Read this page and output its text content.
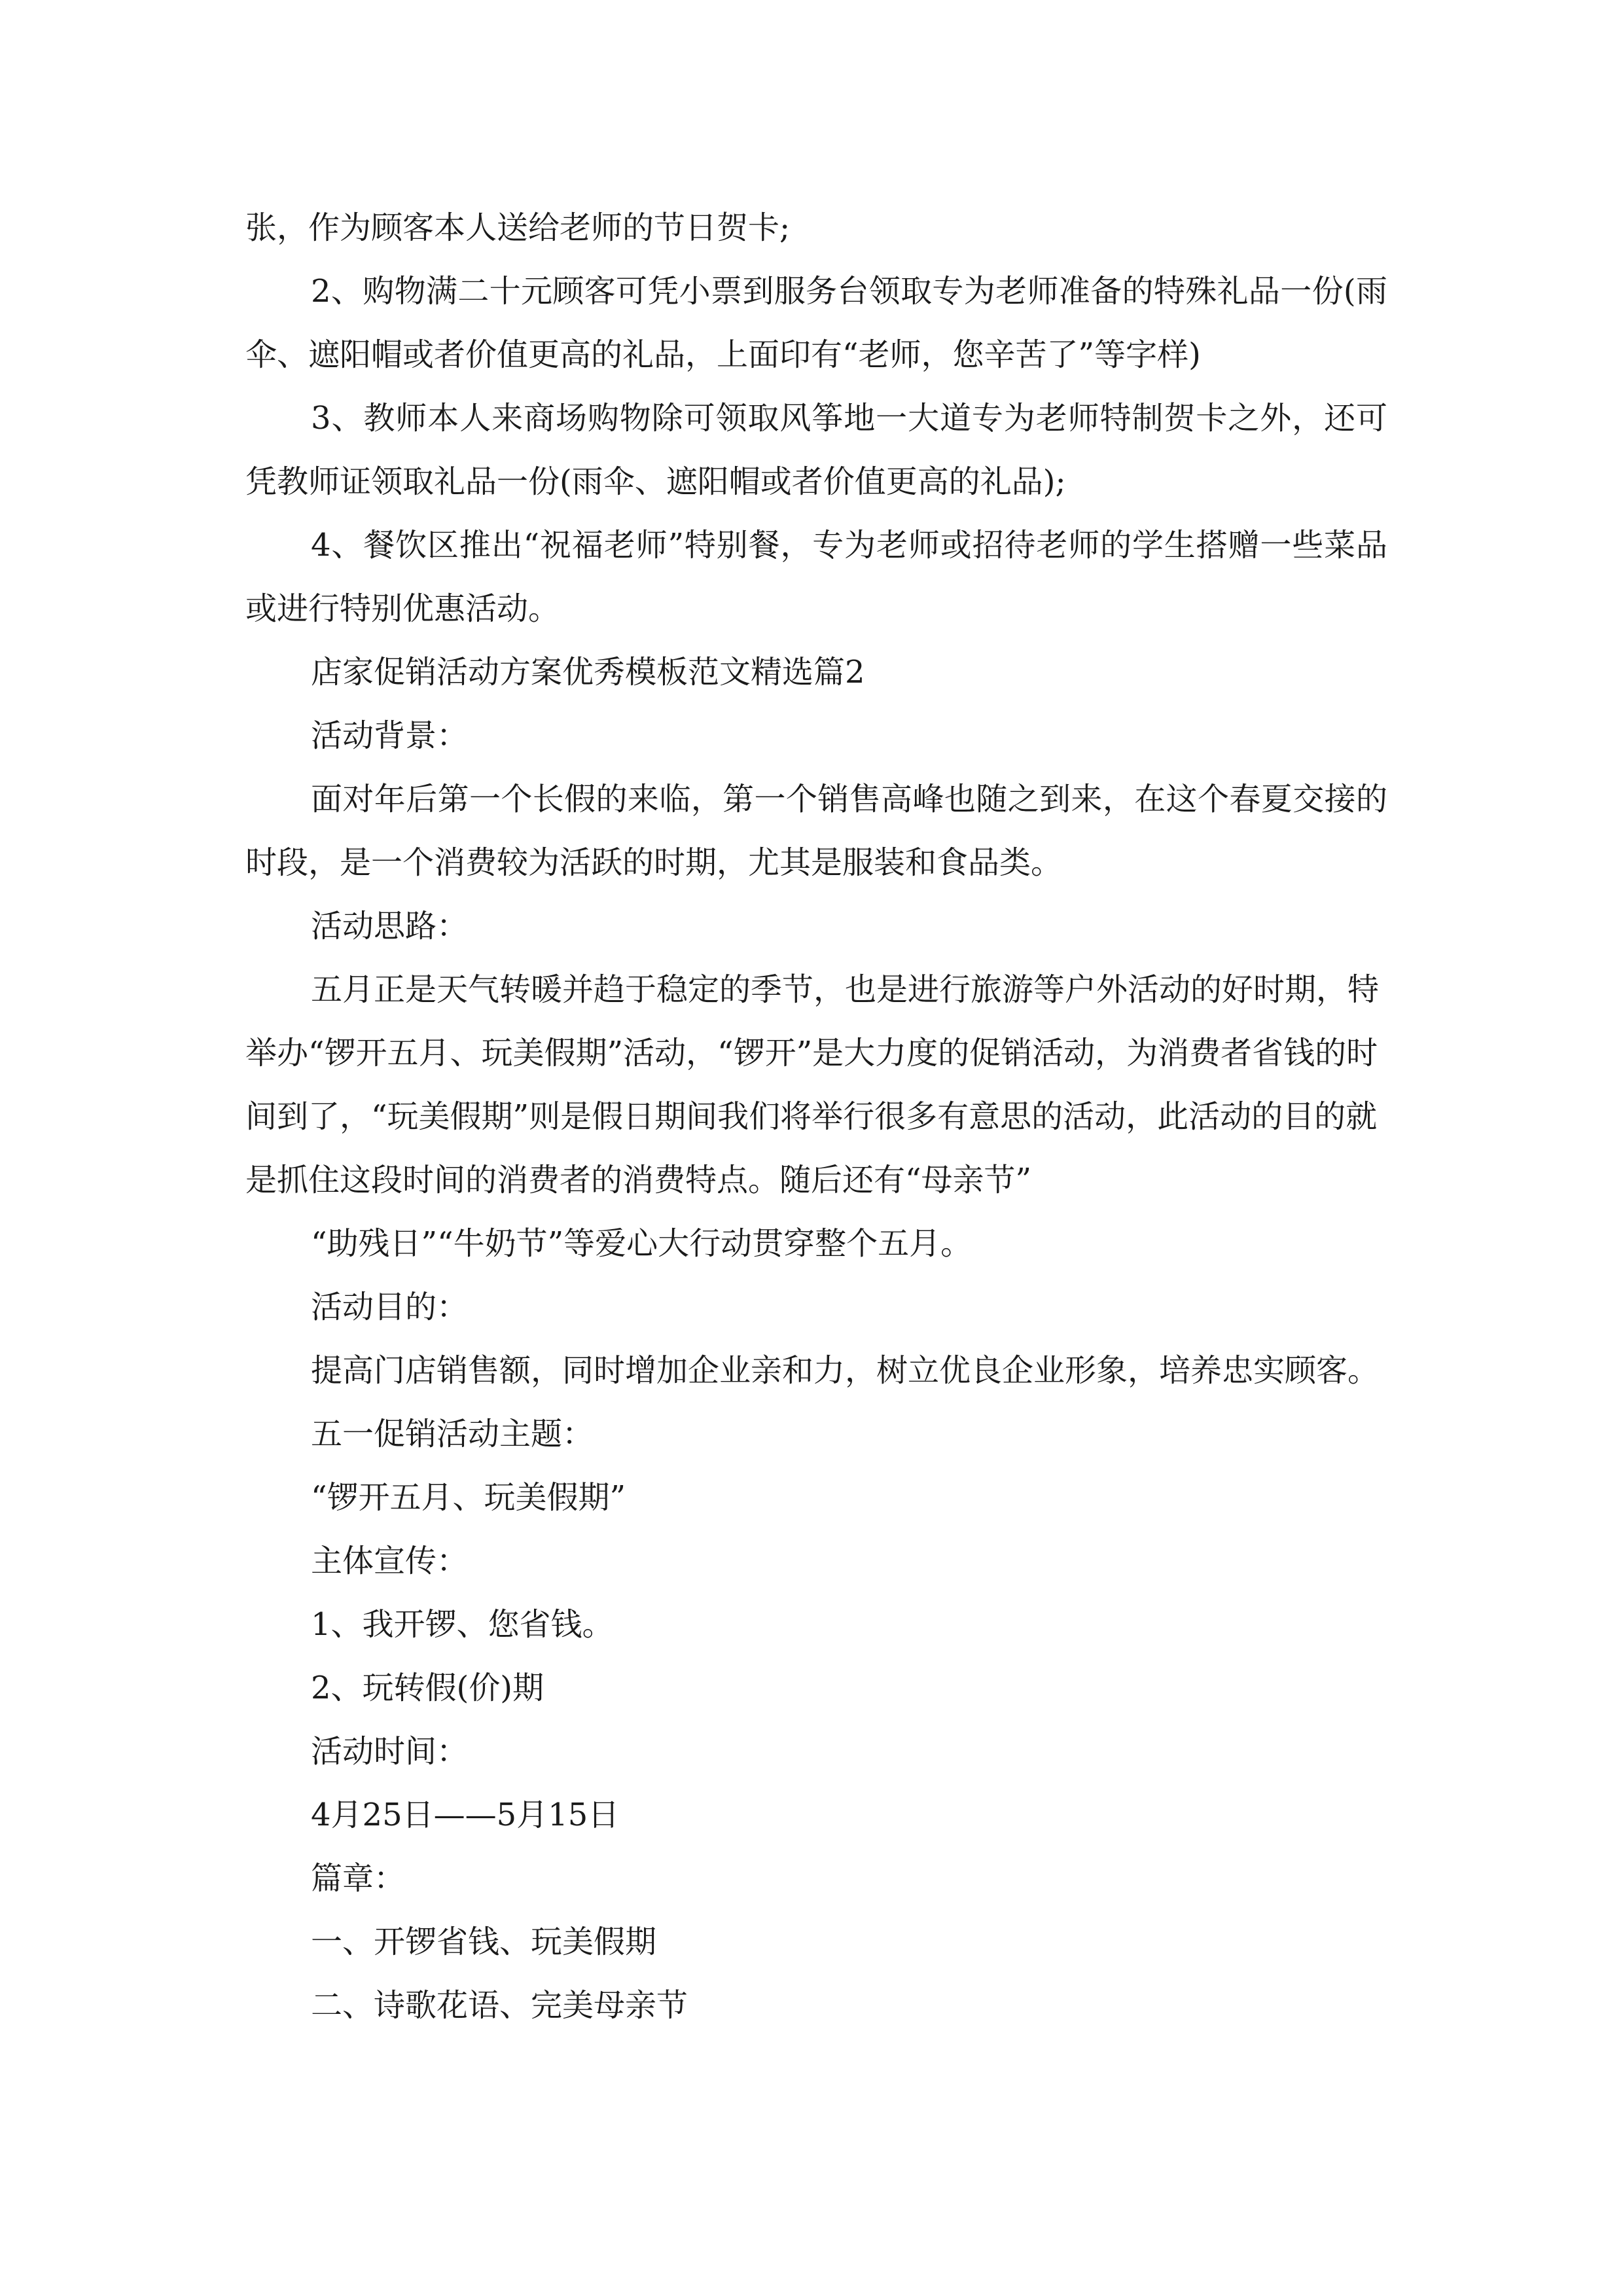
张，作为顾客本人送给老师的节日贺卡;

2、购物满二十元顾客可凭小票到服务台领取专为老师准备的特殊礼品一份(雨伞、遮阳帽或者价值更高的礼品，上面印有“老师，您辛苦了”等字样)

3、教师本人来商场购物除可领取风筝地一大道专为老师特制贺卡之外，还可凭教师证领取礼品一份(雨伞、遮阳帽或者价值更高的礼品);

4、餐饮区推出“祝福老师”特别餐，专为老师或招待老师的学生搭赠一些菜品或进行特别优惠活动。

店家促销活动方案优秀模板范文精选篇2

活动背景：

面对年后第一个长假的来临，第一个销售高峰也随之到来，在这个春夏交接的时段，是一个消费较为活跃的时期，尤其是服装和食品类。

活动思路：

五月正是天气转暖并趋于稳定的季节，也是进行旅游等户外活动的好时期，特举办“锣开五月、玩美假期”活动，“锣开”是大力度的促销活动，为消费者省钱的时间到了，“玩美假期”则是假日期间我们将举行很多有意思的活动，此活动的目的就是抓住这段时间的消费者的消费特点。随后还有“母亲节”

“助残日”“牛奶节”等爱心大行动贯穿整个五月。

活动目的：

提高门店销售额，同时增加企业亲和力，树立优良企业形象，培养忠实顾客。

五一促销活动主题：

“锣开五月、玩美假期”

主体宣传：

1、我开锣、您省钱。

2、玩转假(价)期

活动时间：

4月25日——5月15日

篇章：

一、开锣省钱、玩美假期

二、诗歌花语、完美母亲节
